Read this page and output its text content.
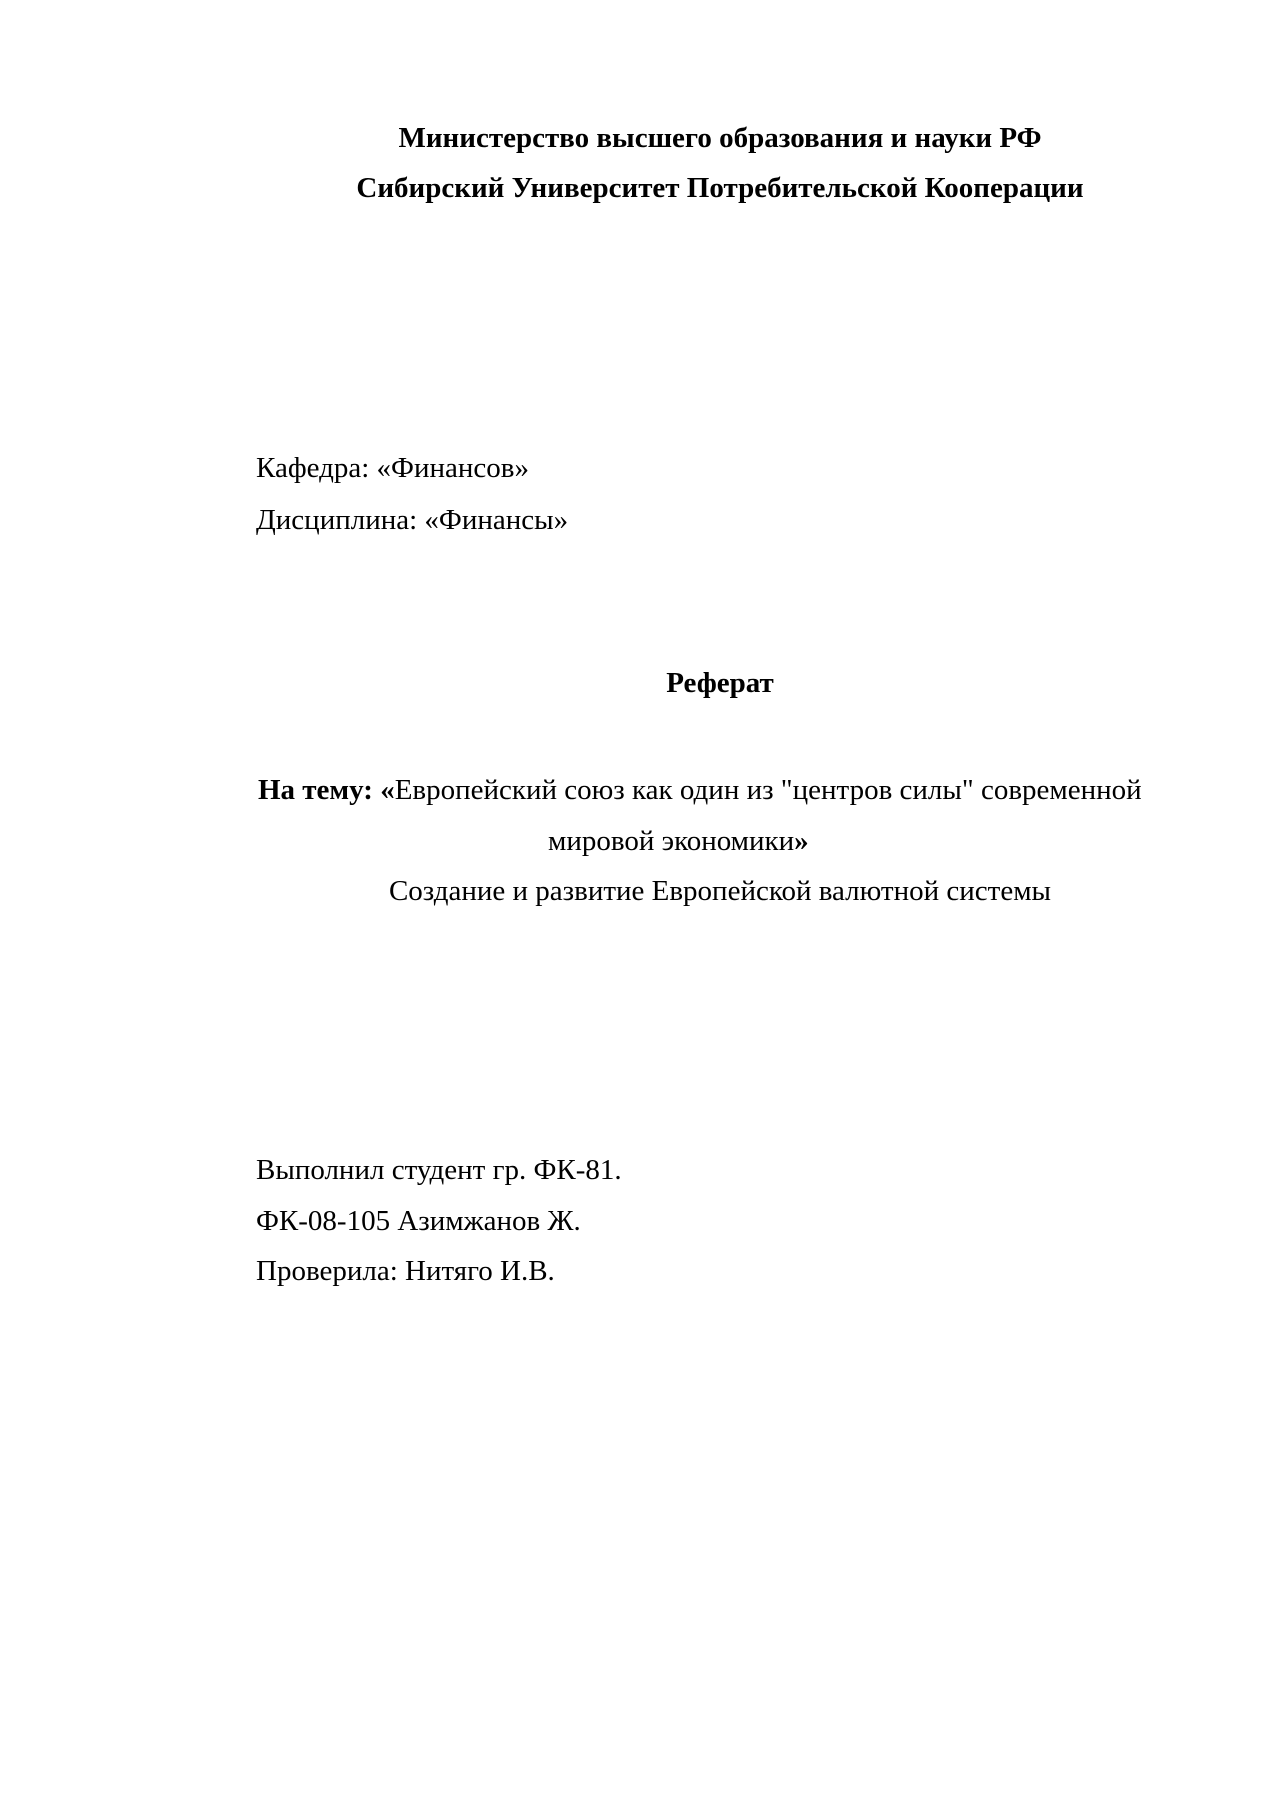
Министерство высшего образования и науки РФ
Сибирский Университет Потребительской Кооперации
Кафедра: «Финансов»
Дисциплина: «Финансы»
Реферат
На тему: «Европейский союз как один из "центров силы" современной
мировой экономики»
Создание и развитие Европейской валютной системы
Выполнил студент гр. ФК-81.
ФК-08-105 Азимжанов Ж.
Проверила: Нитяго И.В.
